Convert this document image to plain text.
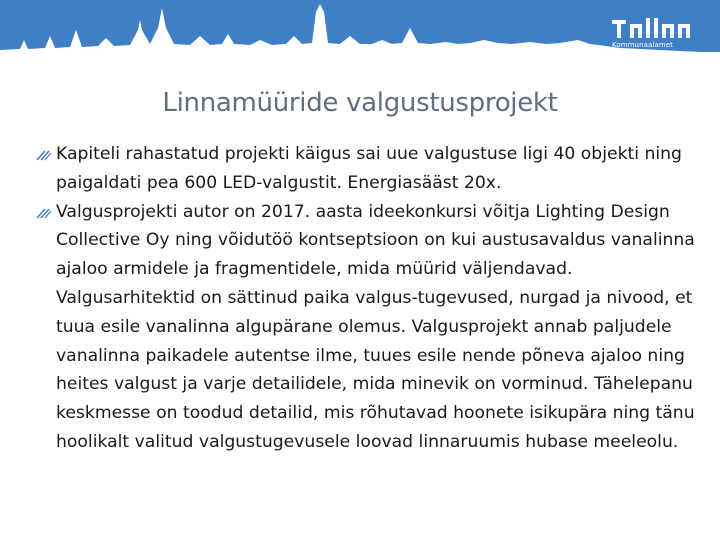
Kommunaalamet
Linnamüüride valgustusprojekt

Kapiteli rahastatud projekti käigus sai uue valgustuse ligi 40 objekti ning paigaldati pea 600 LED-valgustit. Energiasääst 20x.

Valgusprojekti autor on 2017. aasta ideekonkursi võitja Lighting Design Collective Oy ning võidutöö kontseptsioon on kui austusavaldus vanalinna ajaloo armidele ja fragmentidele, mida müürid väljendavad. Valgusarhitektid on sättinud paika valgus-tugevused, nurgad ja nivood, et tuua esile vanalinna algupärane olemus. Valgusprojekt annab paljudele vanalinna paikadele autentse ilme, tuues esile nende põneva ajaloo ning heites valgust ja varje detailidele, mida minevik on vorminud. Tähelepanu keskmesse on toodud detailid, mis rõhutavad hoonete isikupära ning tänu hoolikalt valitud valgustugevusele loovad linnaruumis hubase meeleolu.
